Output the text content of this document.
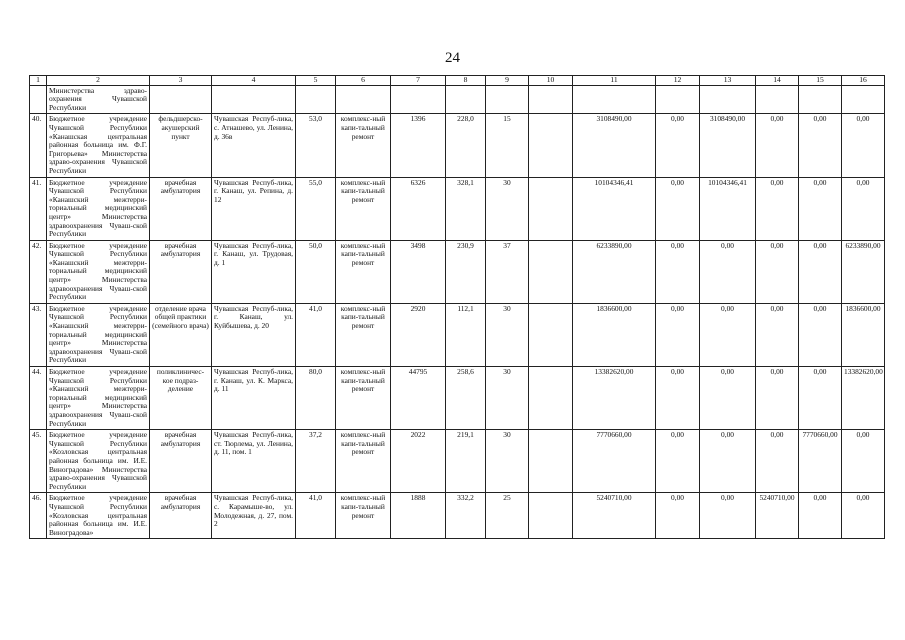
24
1	2	3	4	5	6	7	8	9	10	11	12	13	14	15	16
	Министерства здраво-охранения Чувашской Республики														
40.	Бюджетное учреждение Чувашской Республики «Канашская центральная районная больница им. Ф.Г. Григорьева» Министерства здраво-охранения Чувашской Республики	фельдшерско-акушерский пункт	Чувашская Респуб-лика, с. Атнашево, ул. Ленина, д. 36в	53,0	комплекс-ный капи-тальный ремонт	1396	228,0	15		3108490,00	0,00	3108490,00	0,00	0,00	0,00
41.	Бюджетное учреждение Чувашской Республики «Канашский межтерри-ториальный медицинский центр» Министерства здравоохранения Чуваш-ской Республики	врачебная амбулатория	Чувашская Респуб-лика, г. Канаш, ул. Репина, д. 12	55,0	комплекс-ный капи-тальный ремонт	6326	328,1	30		10104346,41	0,00	10104346,41	0,00	0,00	0,00
42.	Бюджетное учреждение Чувашской Республики «Канашский межтерри-ториальный медицинский центр» Министерства здравоохранения Чуваш-ской Республики	врачебная амбулатория	Чувашская Респуб-лика, г. Канаш, ул. Трудовая, д. 1	50,0	комплекс-ный капи-тальный ремонт	3498	230,9	37		6233890,00	0,00	0,00	0,00	0,00	6233890,00
43.	Бюджетное учреждение Чувашской Республики «Канашский межтерри-ториальный медицинский центр» Министерства здравоохранения Чуваш-ской Республики	отделение врача общей практики (семейного врача)	Чувашская Респуб-лика, г. Канаш, ул. Куйбышева, д. 20	41,0	комплекс-ный капи-тальный ремонт	2920	112,1	30		1836600,00	0,00	0,00	0,00	0,00	1836600,00
44.	Бюджетное учреждение Чувашской Республики «Канашский межтерри-ториальный медицинский центр» Министерства здравоохранения Чуваш-ской Республики	поликлиничес-кое подраз-деление	Чувашская Респуб-лика, г. Канаш, ул. К. Маркса, д. 11	80,0	комплекс-ный капи-тальный ремонт	44795	258,6	30		13382620,00	0,00	0,00	0,00	0,00	13382620,00
45.	Бюджетное учреждение Чувашской Республики «Козловская центральная районная больница им. И.Е. Виноградова» Министерства здраво-охранения Чувашской Республики	врачебная амбулатория	Чувашская Респуб-лика, ст. Тюрлема, ул. Ленина, д. 11, пом. 1	37,2	комплекс-ный капи-тальный ремонт	2022	219,1	30		7770660,00	0,00	0,00	0,00	7770660,00	0,00
46.	Бюджетное учреждение Чувашской Республики «Козловская центральная районная больница им. И.Е. Виноградова»	врачебная амбулатория	Чувашская Респуб-лика, с. Карамыше-во, ул. Молодежная, д. 27, пом. 2	41,0	комплекс-ный капи-тальный ремонт	1888	332,2	25		5240710,00	0,00	0,00	5240710,00	0,00	0,00
